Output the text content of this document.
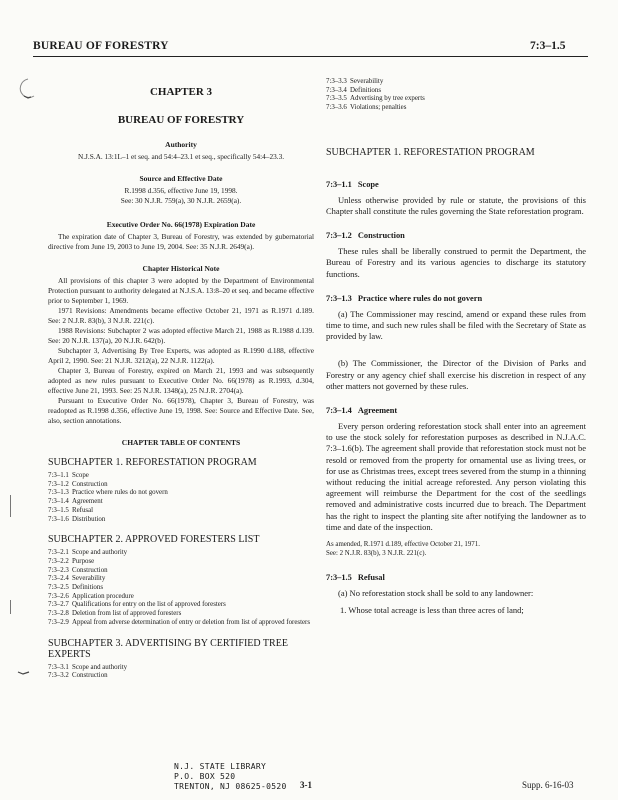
BUREAU OF FORESTRY	7:3–1.5
CHAPTER 3
BUREAU OF FORESTRY
Authority
N.J.S.A. 13:1L–1 et seq. and 54:4–23.1 et seq., specifically 54:4–23.3.
Source and Effective Date
R.1998 d.356, effective June 19, 1998.
See: 30 N.J.R. 759(a), 30 N.J.R. 2659(a).
Executive Order No. 66(1978) Expiration Date
The expiration date of Chapter 3, Bureau of Forestry, was extended by gubernatorial directive from June 19, 2003 to June 19, 2004. See: 35 N.J.R. 2649(a).
Chapter Historical Note

All provisions of this chapter 3 were adopted by the Department of Environmental Protection pursuant to authority delegated at N.J.S.A. 13:8–20 et seq. and became effective prior to September 1, 1969.

1971 Revisions: Amendments became effective October 21, 1971 as R.1971 d.189. See: 2 N.J.R. 83(b), 3 N.J.R. 221(c).

1988 Revisions: Subchapter 2 was adopted effective March 21, 1988 as R.1988 d.139. See: 20 N.J.R. 137(a), 20 N.J.R. 642(b).

Subchapter 3, Advertising By Tree Experts, was adopted as R.1990 d.188, effective April 2, 1990. See: 21 N.J.R. 3212(a), 22 N.J.R. 1122(a).

Chapter 3, Bureau of Forestry, expired on March 21, 1993 and was subsequently adopted as new rules pursuant to Executive Order No. 66(1978) as R.1993, d.304, effective June 21, 1993. See: 25 N.J.R. 1348(a), 25 N.J.R. 2704(a).

Pursuant to Executive Order No. 66(1978), Chapter 3, Bureau of Forestry, was readopted as R.1998 d.356, effective June 19, 1998. See: Source and Effective Date. See, also, section annotations.

CHAPTER TABLE OF CONTENTS
SUBCHAPTER 1. REFORESTATION PROGRAM
7:3–1.1 Scope
7:3–1.2 Construction
7:3–1.3 Practice where rules do not govern
7:3–1.4 Agreement
7:3–1.5 Refusal
7:3–1.6 Distribution
SUBCHAPTER 2. APPROVED FORESTERS LIST
7:3–2.1 Scope and authority
7:3–2.2 Purpose
7:3–2.3 Construction
7:3–2.4 Severability
7:3–2.5 Definitions
7:3–2.6 Application procedure
7:3–2.7 Qualifications for entry on the list of approved foresters
7:3–2.8 Deletion from list of approved foresters
7:3–2.9 Appeal from adverse determination of entry or deletion from list of approved foresters
SUBCHAPTER 3. ADVERTISING BY CERTIFIED TREE EXPERTS
7:3–3.1 Scope and authority
7:3–3.2 Construction
7:3–3.3 Severability
7:3–3.4 Definitions
7:3–3.5 Advertising by tree experts
7:3–3.6 Violations; penalties
SUBCHAPTER 1. REFORESTATION PROGRAM
7:3–1.1 Scope

Unless otherwise provided by rule or statute, the provisions of this Chapter shall constitute the rules governing the State reforestation program.

7:3–1.2 Construction

These rules shall be liberally construed to permit the Department, the Bureau of Forestry and its various agencies to discharge its statutory functions.

7:3–1.3 Practice where rules do not govern

(a) The Commissioner may rescind, amend or expand these rules from time to time, and such new rules shall be filed with the Secretary of State as provided by law.

(b) The Commissioner, the Director of the Division of Parks and Forestry or any agency chief shall exercise his discretion in respect of any other matters not governed by these rules.

7:3–1.4 Agreement

Every person ordering reforestation stock shall enter into an agreement to use the stock solely for reforestation purposes as described in N.J.A.C. 7:3–1.6(b). The agreement shall provide that reforestation stock must not be resold or removed from the property for ornamental use as living trees, or for use as Christmas trees, except trees severed from the stump in a thinning without reducing the initial acreage reforested. Any person violating this agreement will reimburse the Department for the cost of the seedlings removed and administrative costs incurred due to breach. The Department has the right to inspect the planting site after notifying the landowner as to time and date of the inspection.

As amended, R.1971 d.189, effective October 21, 1971.
See: 2 N.J.R. 83(b), 3 N.J.R. 221(c).
7:3–1.5 Refusal

(a) No reforestation stock shall be sold to any landowner:

1. Whose total acreage is less than three acres of land;
N.J. STATE LIBRARY
P.O. BOX 520
TRENTON, NJ 08625-0520 3-1	Supp. 6-16-03
